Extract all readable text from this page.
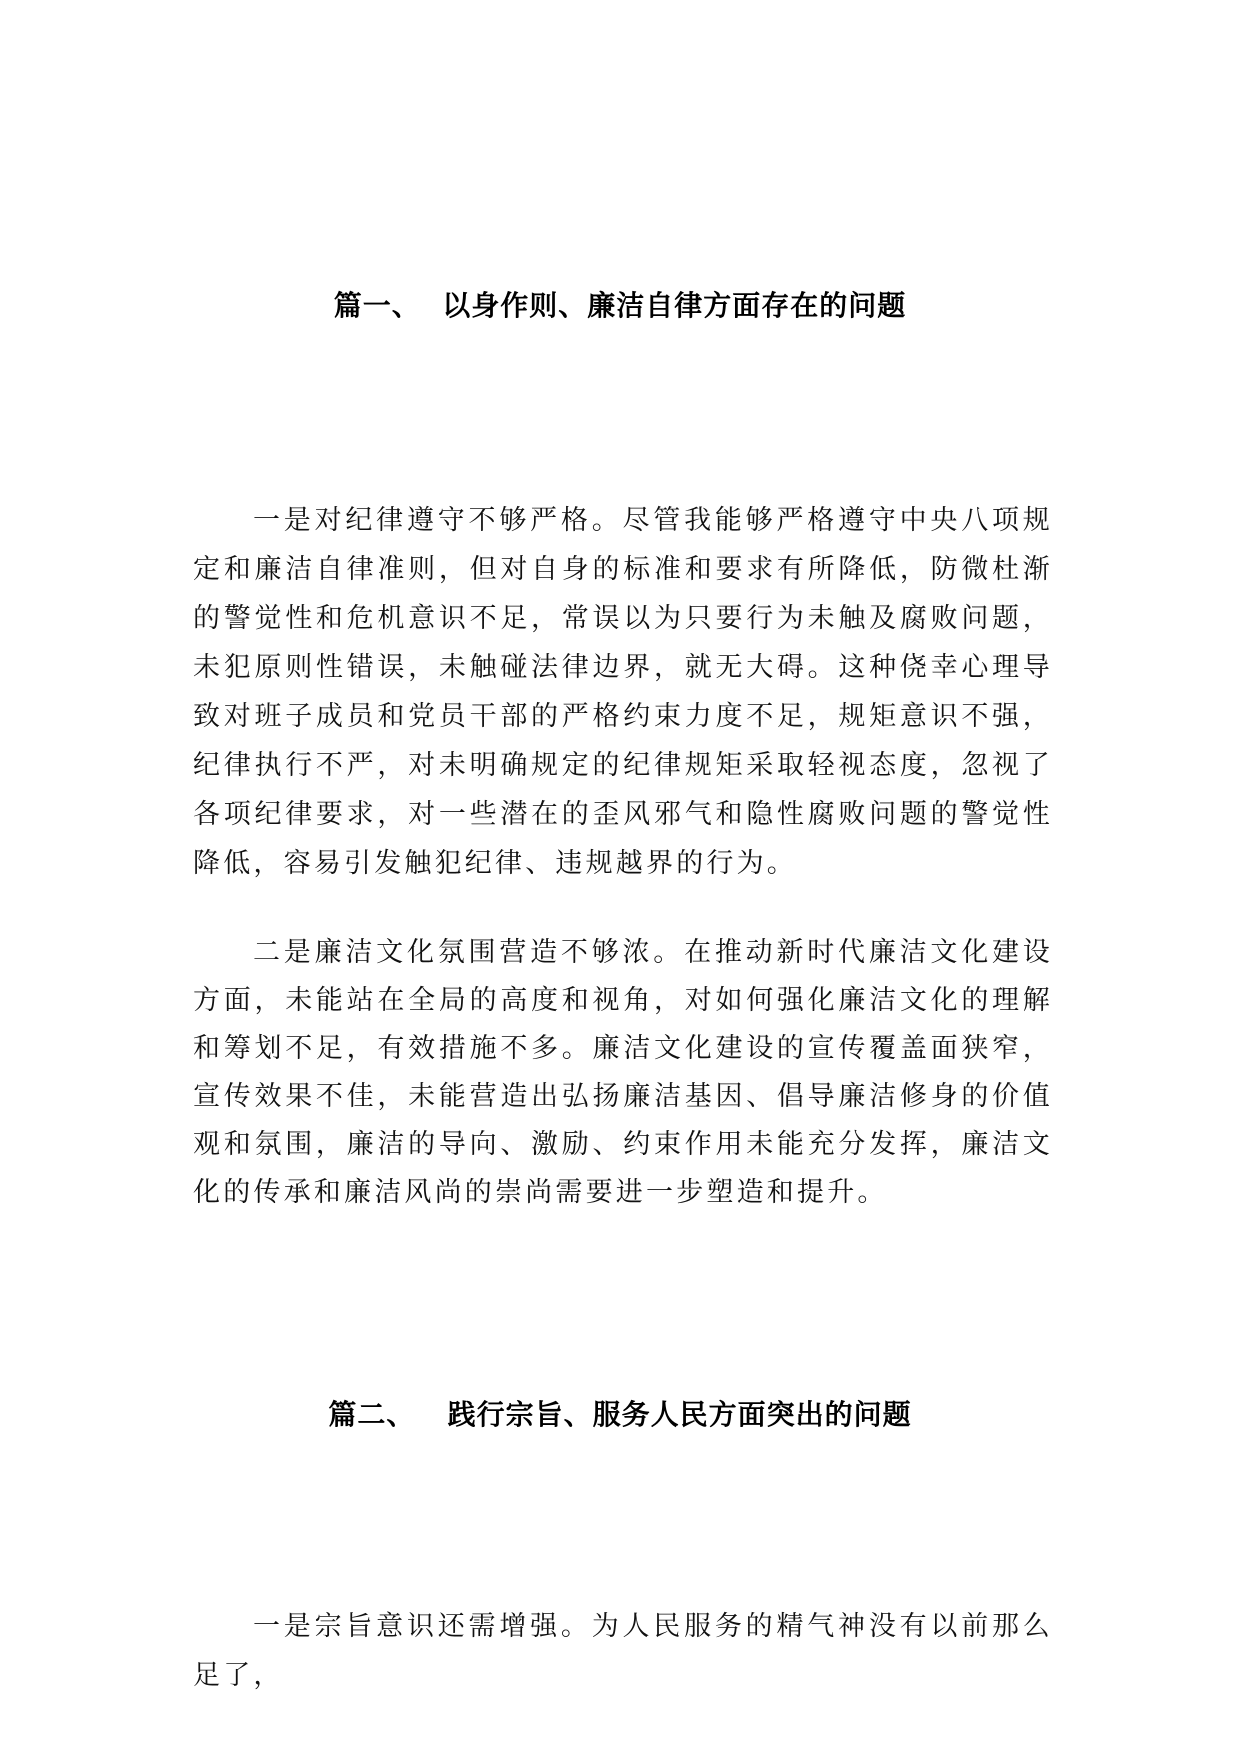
篇一、  以身作则、廉洁自律方面存在的问题

一是对纪律遵守不够严格。尽管我能够严格遵守中央八项规定和廉洁自律准则，但对自身的标准和要求有所降低，防微杜渐的警觉性和危机意识不足，常误以为只要行为未触及腐败问题，未犯原则性错误，未触碰法律边界，就无大碍。这种侥幸心理导致对班子成员和党员干部的严格约束力度不足，规矩意识不强，纪律执行不严，对未明确规定的纪律规矩采取轻视态度，忽视了各项纪律要求，对一些潜在的歪风邪气和隐性腐败问题的警觉性降低，容易引发触犯纪律、违规越界的行为。

二是廉洁文化氛围营造不够浓。在推动新时代廉洁文化建设方面，未能站在全局的高度和视角，对如何强化廉洁文化的理解和筹划不足，有效措施不多。廉洁文化建设的宣传覆盖面狭窄，宣传效果不佳，未能营造出弘扬廉洁基因、倡导廉洁修身的价值观和氛围，廉洁的导向、激励、约束作用未能充分发挥，廉洁文化的传承和廉洁风尚的崇尚需要进一步塑造和提升。

篇二、   践行宗旨、服务人民方面突出的问题

一是宗旨意识还需增强。为人民服务的精气神没有以前那么足了，
